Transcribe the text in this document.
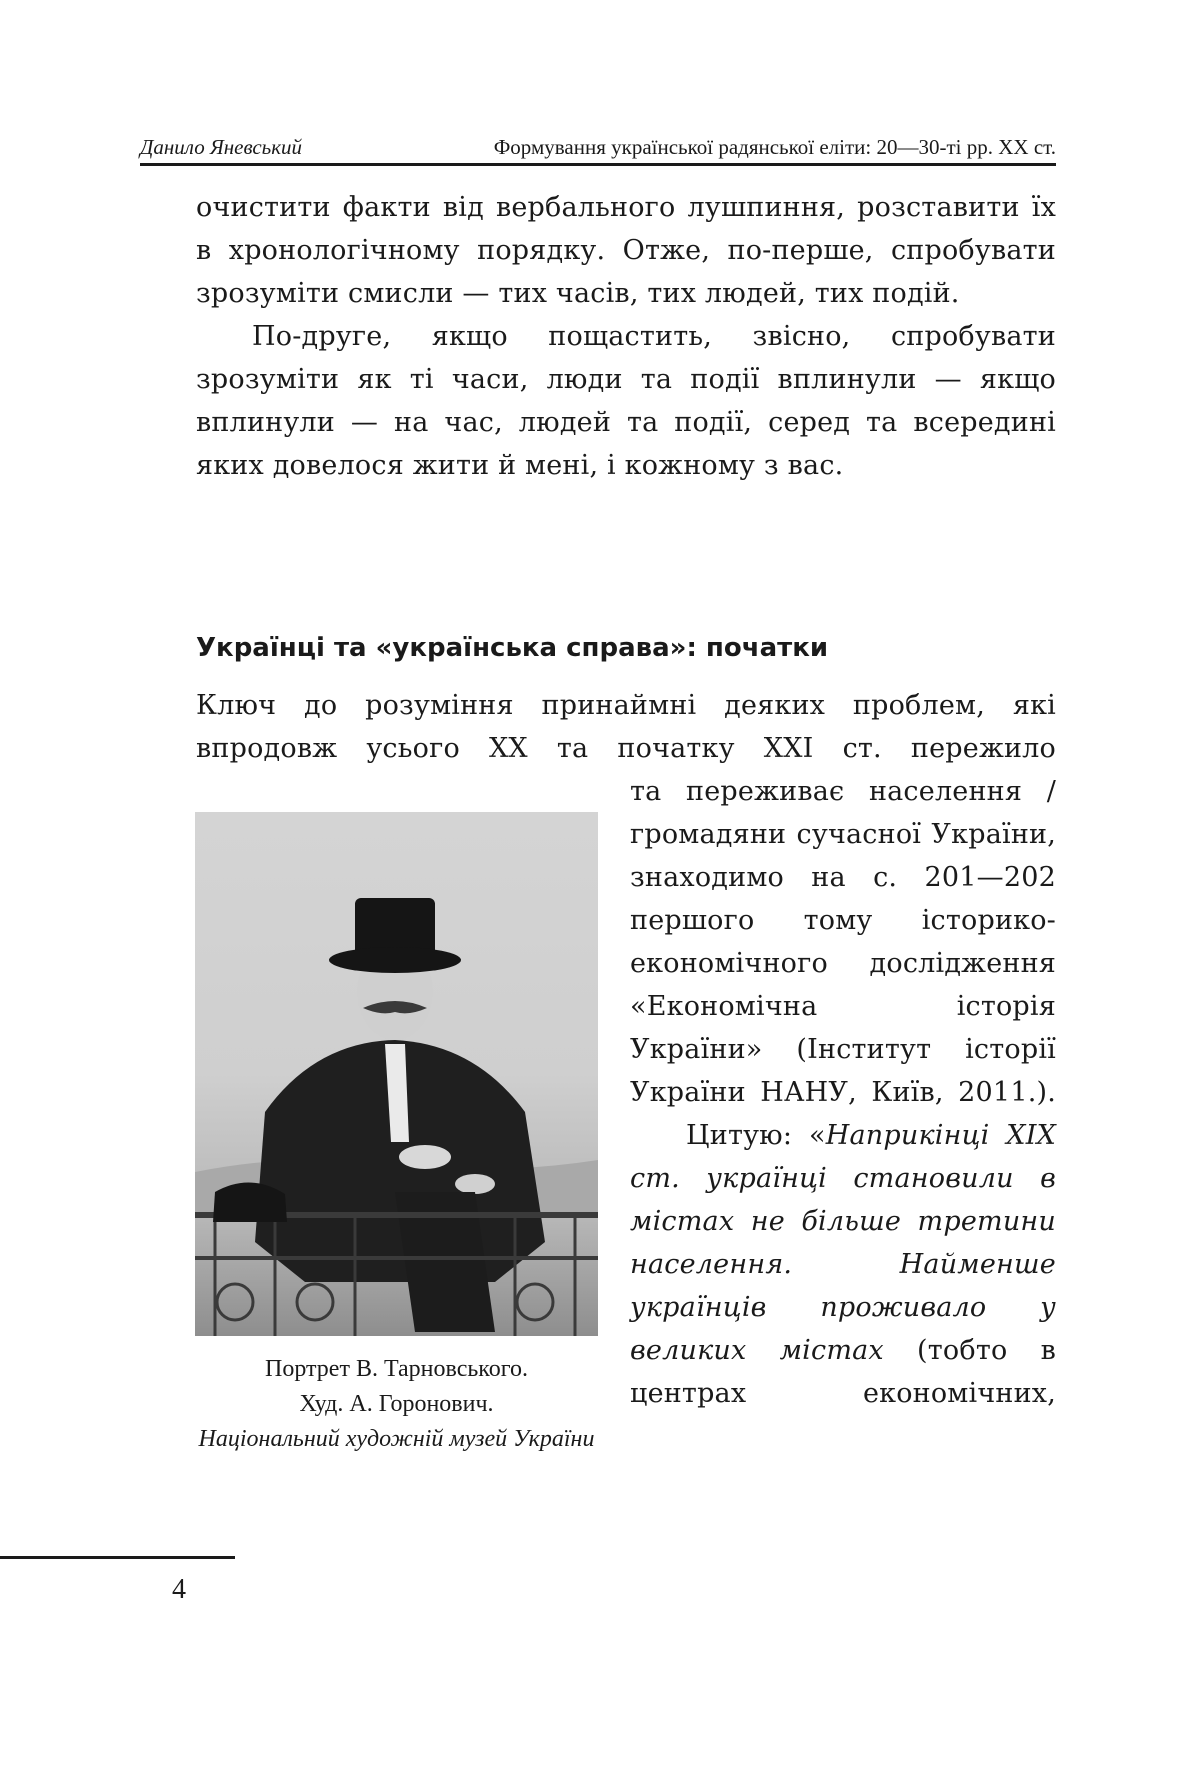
Данило Яневський	Формування української радянської еліти: 20—30-ті рр. XX ст.

очистити факти від вербального лушпиння, розставити їх в хронологічному порядку. Отже, по-перше, спробувати зрозуміти смисли — тих часів, тих людей, тих подій.

По-друге, якщо пощастить, звісно, спробувати зрозуміти як ті часи, люди та події вплинули — якщо вплинули — на час, людей та події, серед та всередині яких довелося жити й мені, і кожному з вас.

Українці та «українська справа»: початки

Ключ до розуміння принаймні деяких проблем, які впродовж усього XX та початку XXI ст. пережило

Портрет В. Тарновського.
Худ. А. Горонович.
Національний художній музей України

та переживає населення / громадяни сучасної України, знаходимо на с. 201—202 першого тому історико-економічного дослідження «Економічна історія України» (Інститут історії України НАНУ, Київ, 2011.).

Цитую: «Наприкінці XIX ст. українці становили в містах не більше третини населення. Найменше українців проживало у великих містах (тобто в центрах економічних,

4
